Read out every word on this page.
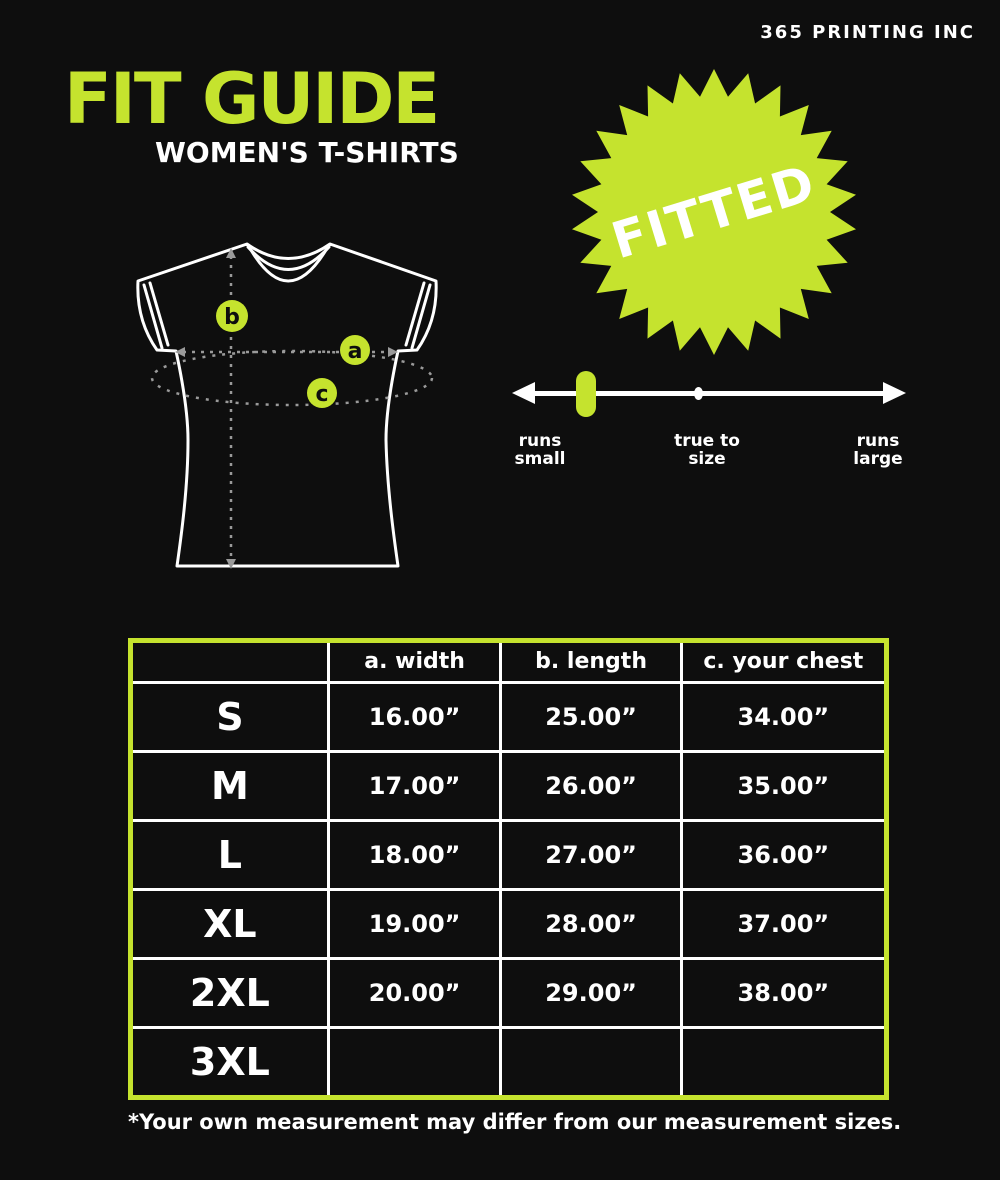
365 PRINTING INC
FIT GUIDE
WOMEN'S T-SHIRTS
FITTED
b
a
c
runs
small
true to
size
runs
large
	a. width	b. length	c. your chest
S	16.00”	25.00”	34.00”
M	17.00”	26.00”	35.00”
L	18.00”	27.00”	36.00”
XL	19.00”	28.00”	37.00”
2XL	20.00”	29.00”	38.00”
3XL			
*Your own measurement may differ from our measurement sizes.
